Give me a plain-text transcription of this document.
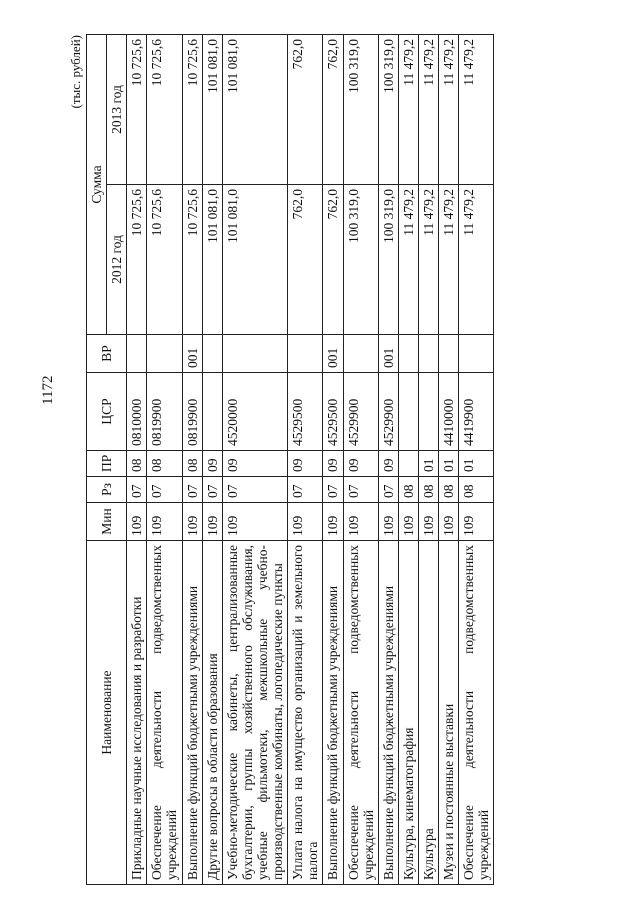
1172
(тыс. рублей)
Наименование	Мин	Рз	ПР	ЦСР	ВР	Сумма	
						2012 год	2013 год
Прикладные научные исследования и разработки	109	07	08	0810000		10 725,6	10 725,6
Обеспечение деятельности подведомственных учреждений	109	07	08	0819900		10 725,6	10 725,6
Выполнение функций бюджетными учреждениями	109	07	08	0819900	001	10 725,6	10 725,6
Другие вопросы в области образования	109	07	09			101 081,0	101 081,0
Учебно-методические кабинеты, централизованные бухгалтерии, группы хозяйственного обслуживания, учебные фильмотеки, межшкольные учебно-производственные комбинаты, логопедические пункты	109	07	09	4520000		101 081,0	101 081,0
Уплата налога на имущество организаций и земельного налога	109	07	09	4529500		762,0	762,0
Выполнение функций бюджетными учреждениями	109	07	09	4529500	001	762,0	762,0
Обеспечение деятельности подведомственных учреждений	109	07	09	4529900		100 319,0	100 319,0
Выполнение функций бюджетными учреждениями	109	07	09	4529900	001	100 319,0	100 319,0
Культура, кинематография	109	08				11 479,2	11 479,2
Культура	109	08	01			11 479,2	11 479,2
Музеи и постоянные выставки	109	08	01	4410000		11 479,2	11 479,2
Обеспечение деятельности подведомственных учреждений	109	08	01	4419900		11 479,2	11 479,2
